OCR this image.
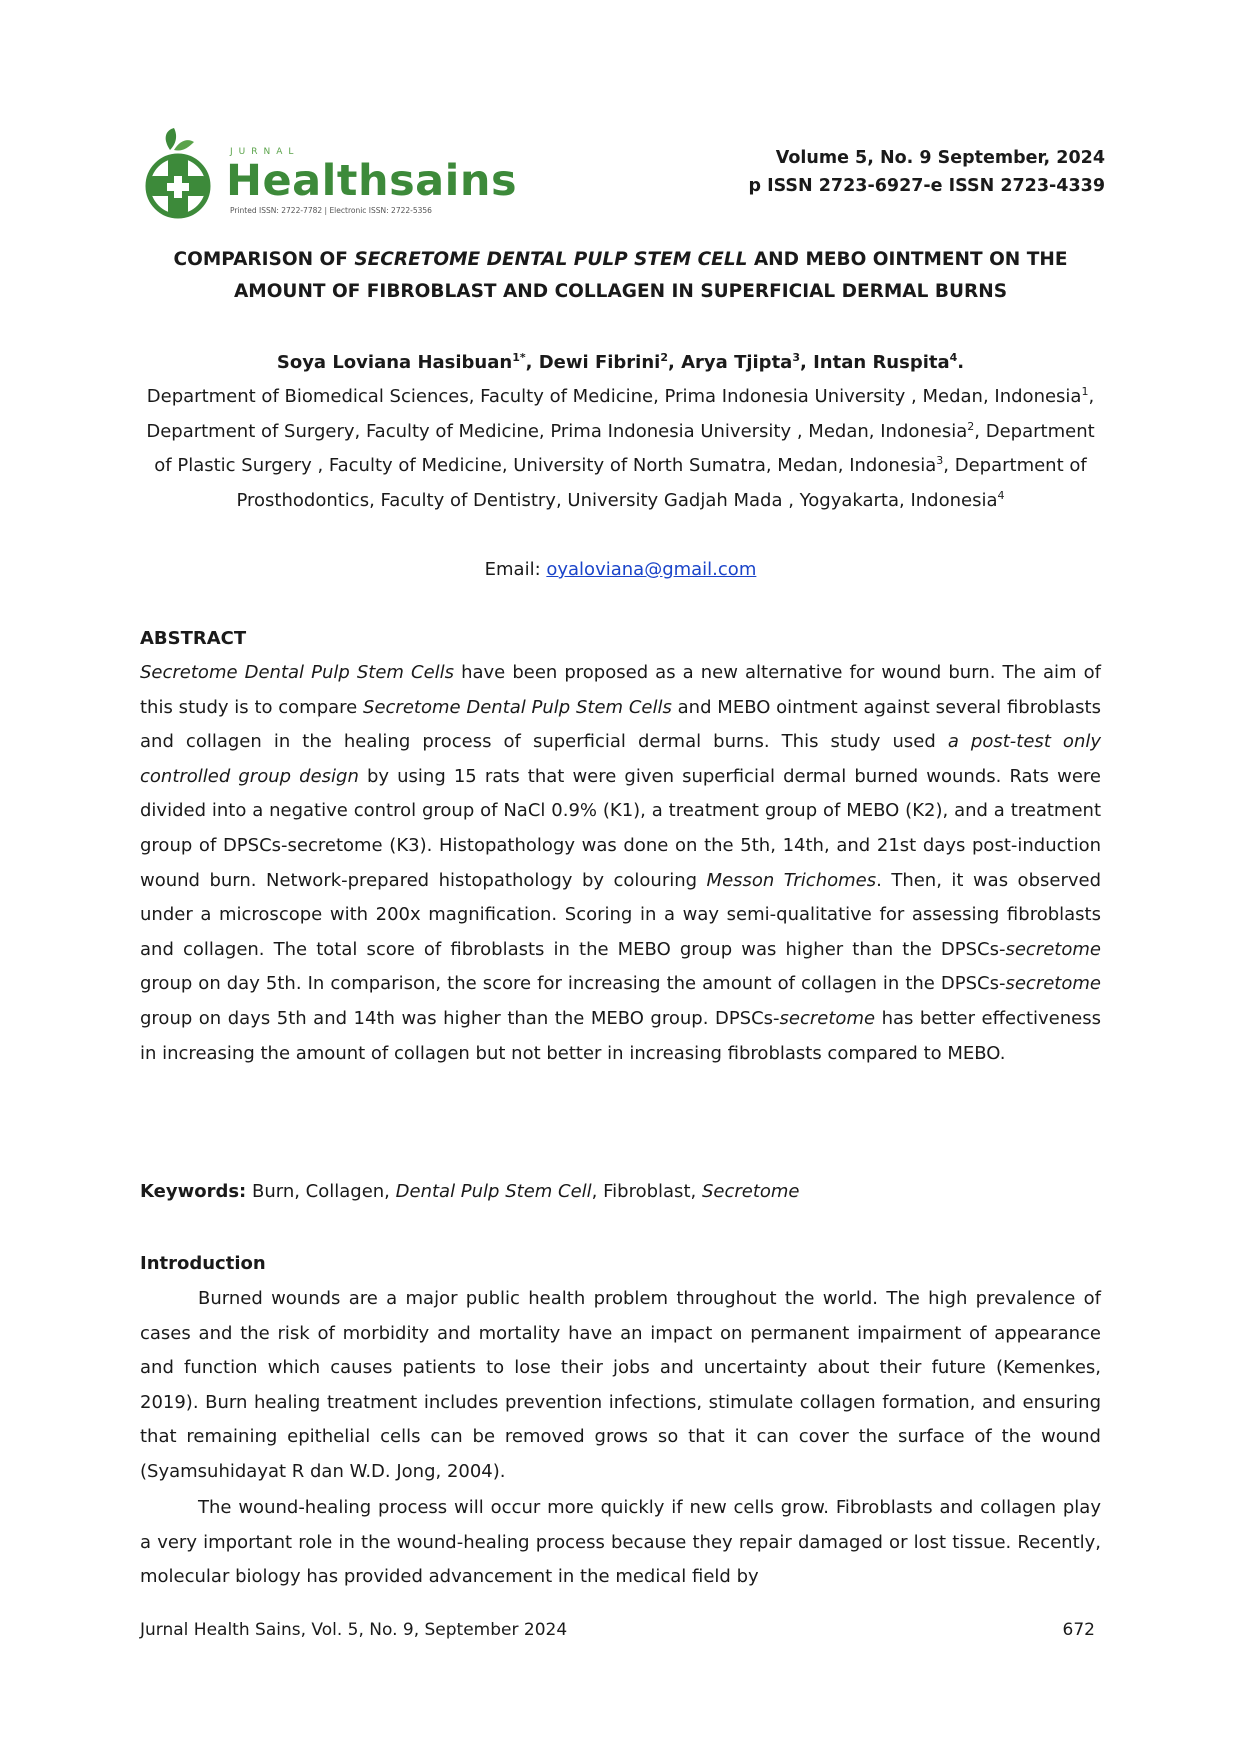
JURNAL
Healthsains
Printed ISSN: 2722-7782 | Electronic ISSN: 2722-5356
Volume 5, No. 9 September, 2024
p ISSN 2723-6927-e ISSN 2723-4339
COMPARISON OF SECRETOME DENTAL PULP STEM CELL AND MEBO OINTMENT ON THE AMOUNT OF FIBROBLAST AND COLLAGEN IN SUPERFICIAL DERMAL BURNS
Soya Loviana Hasibuan$^{1*}$, Dewi Fibrini$^2$, Arya Tjipta$^3$, Intan Ruspita$^4$.
Department of Biomedical Sciences, Faculty of Medicine, Prima Indonesia University , Medan, Indonesia$^1$, Department of Surgery, Faculty of Medicine, Prima Indonesia University , Medan, Indonesia$^2$, Department of Plastic Surgery , Faculty of Medicine, University of North Sumatra, Medan, Indonesia$^3$, Department of Prosthodontics, Faculty of Dentistry, University Gadjah Mada , Yogyakarta, Indonesia$^4$
Email: oyaloviana@gmail.com
ABSTRACT

Secretome Dental Pulp Stem Cells have been proposed as a new alternative for wound burn. The aim of this study is to compare Secretome Dental Pulp Stem Cells and MEBO ointment against several fibroblasts and collagen in the healing process of superficial dermal burns. This study used a post-test only controlled group design by using 15 rats that were given superficial dermal burned wounds. Rats were divided into a negative control group of NaCl 0.9% (K1), a treatment group of MEBO (K2), and a treatment group of DPSCs-secretome (K3). Histopathology was done on the 5th, 14th, and 21st days post-induction wound burn. Network-prepared histopathology by colouring Messon Trichomes. Then, it was observed under a microscope with 200x magnification. Scoring in a way semi-qualitative for assessing fibroblasts and collagen. The total score of fibroblasts in the MEBO group was higher than the DPSCs-secretome group on day 5th. In comparison, the score for increasing the amount of collagen in the DPSCs-secretome group on days 5th and 14th was higher than the MEBO group. DPSCs-secretome has better effectiveness in increasing the amount of collagen but not better in increasing fibroblasts compared to MEBO.

Keywords: Burn, Collagen, Dental Pulp Stem Cell, Fibroblast, Secretome
Introduction

Burned wounds are a major public health problem throughout the world. The high prevalence of cases and the risk of morbidity and mortality have an impact on permanent impairment of appearance and function which causes patients to lose their jobs and uncertainty about their future (Kemenkes, 2019). Burn healing treatment includes prevention infections, stimulate collagen formation, and ensuring that remaining epithelial cells can be removed grows so that it can cover the surface of the wound (Syamsuhidayat R dan W.D. Jong, 2004).

The wound-healing process will occur more quickly if new cells grow. Fibroblasts and collagen play a very important role in the wound-healing process because they repair damaged or lost tissue. Recently, molecular biology has provided advancement in the medical field by

Jurnal Health Sains, Vol. 5, No. 9, September 2024	672
